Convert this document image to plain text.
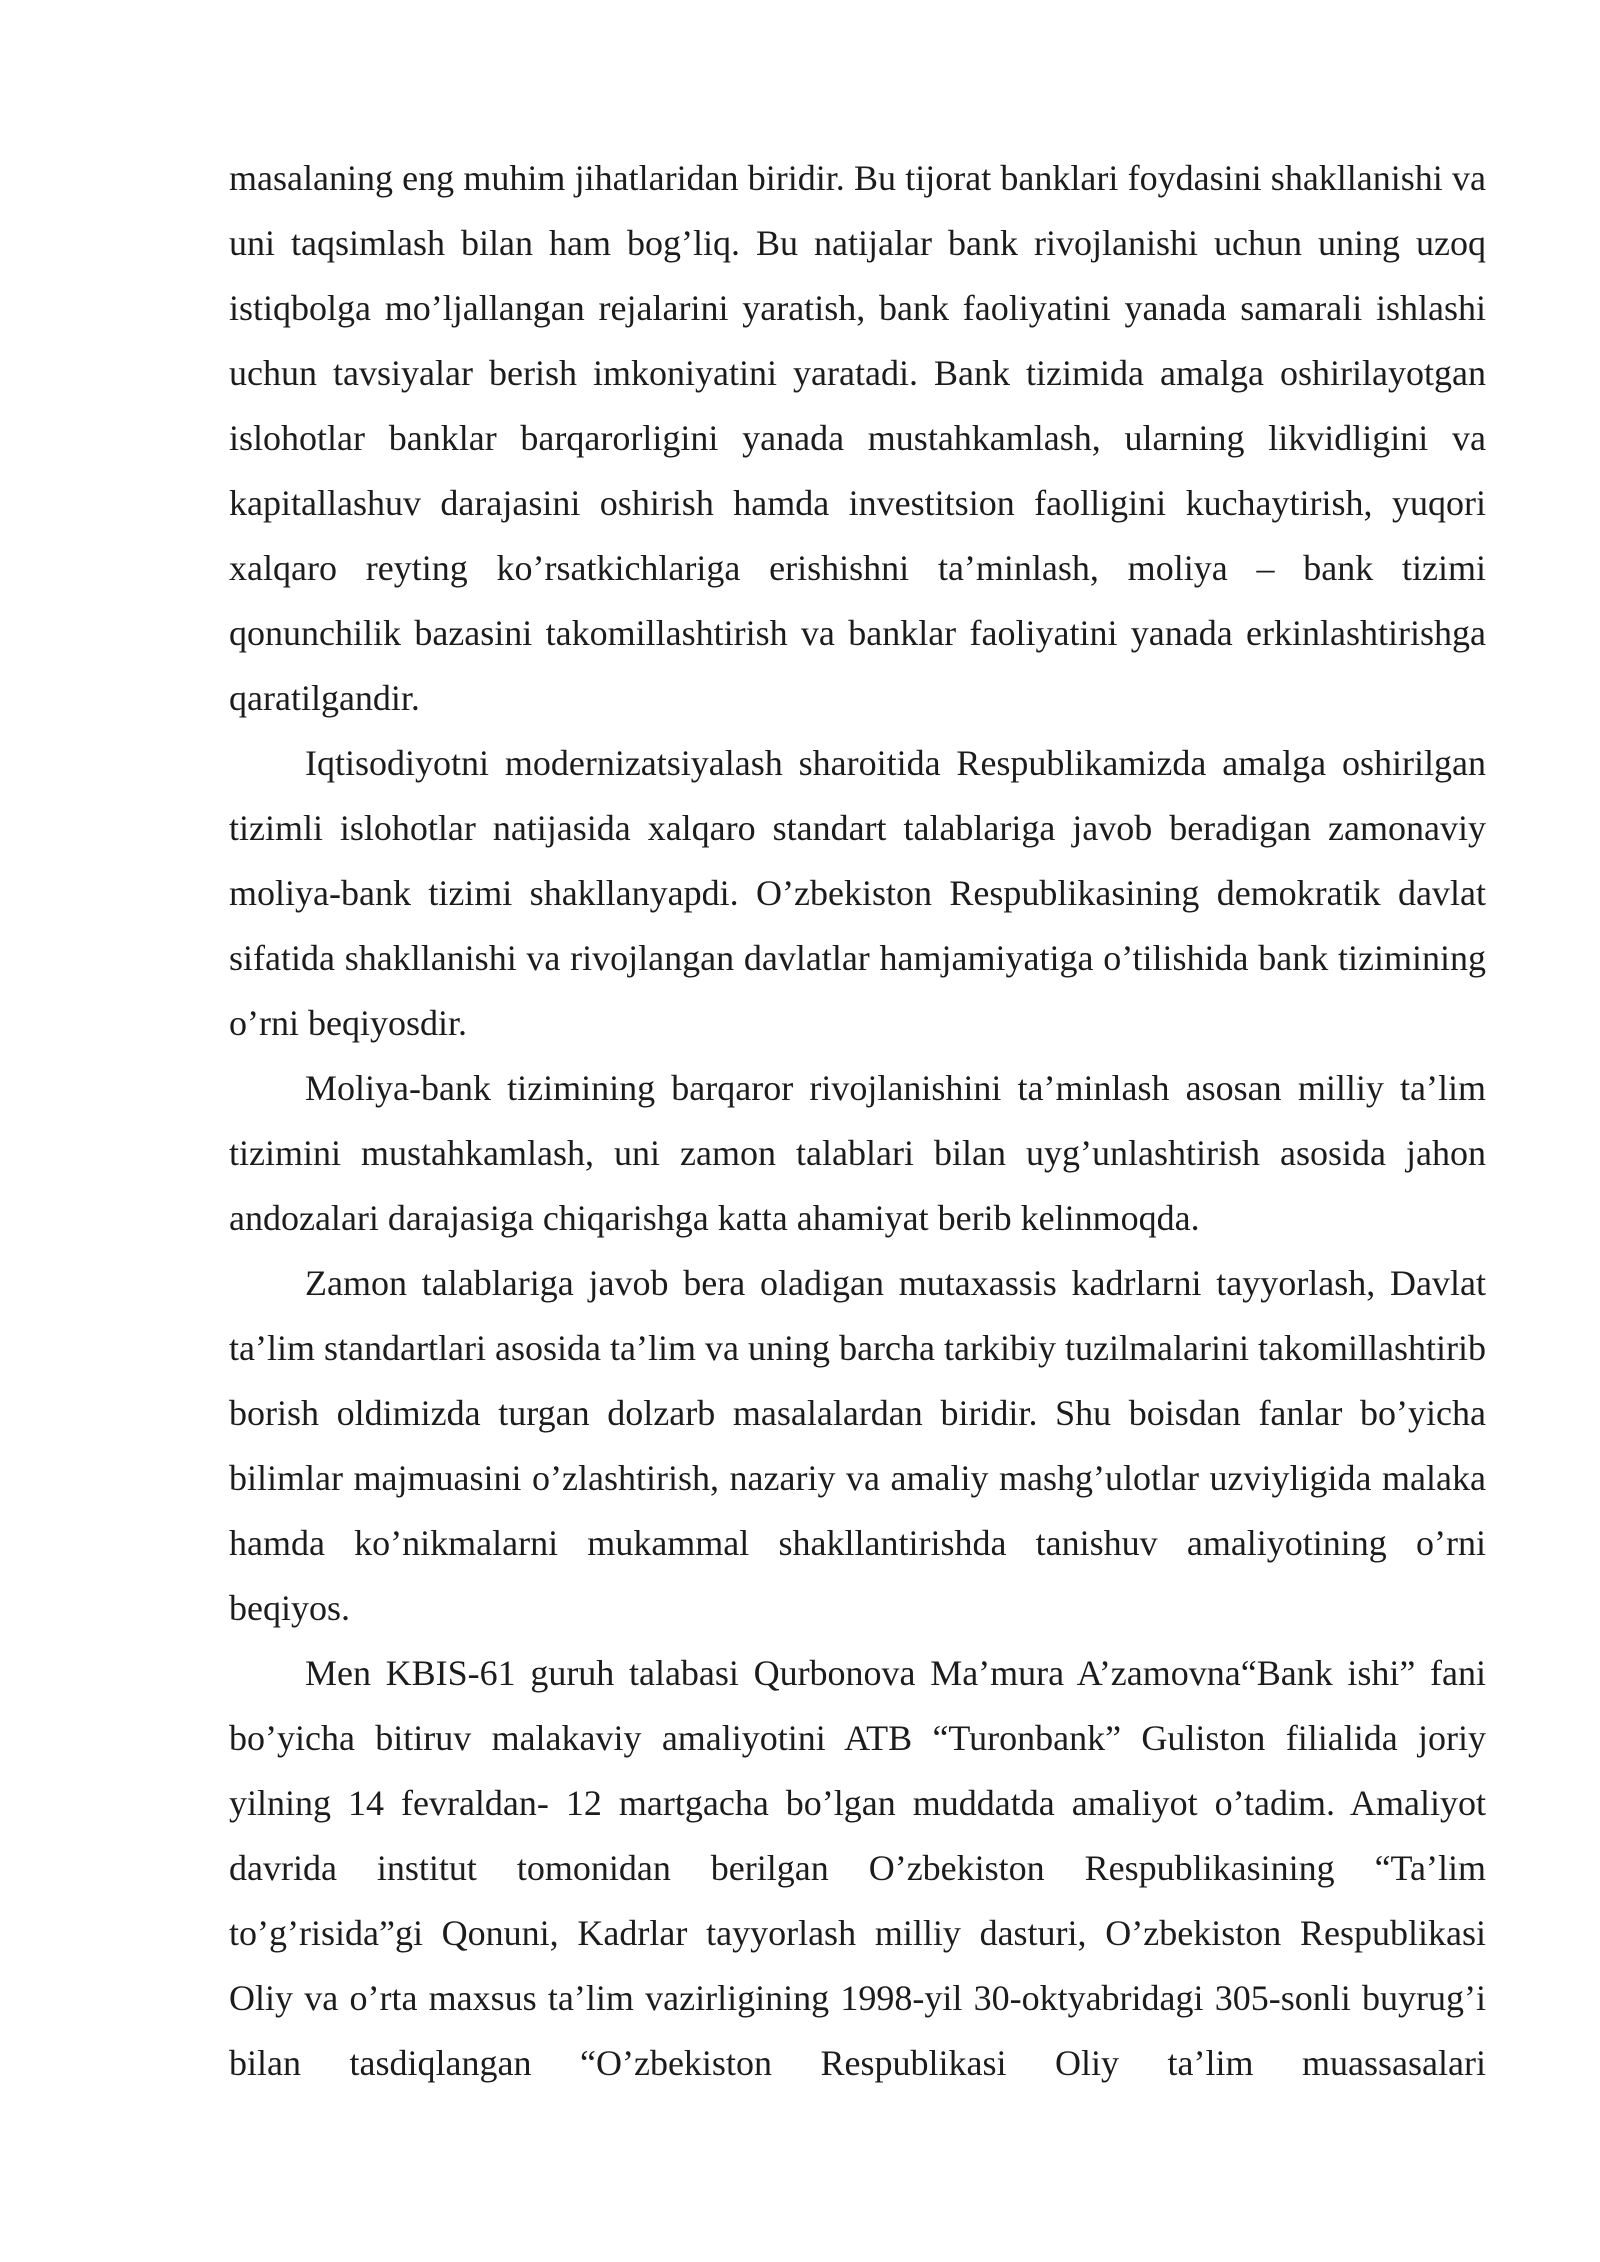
masalaning eng muhim jihatlaridan biridir. Bu tijorat banklari foydasini shakllanishi va uni taqsimlash bilan ham bog’liq. Bu natijalar bank rivojlanishi uchun uning uzoq istiqbolga mo’ljallangan rejalarini yaratish, bank faoliyatini yanada samarali ishlashi uchun tavsiyalar berish imkoniyatini yaratadi. Bank tizimida amalga oshirilayotgan islohotlar banklar barqarorligini yanada mustahkamlash, ularning likvidligini va kapitallashuv darajasini oshirish hamda investitsion faolligini kuchaytirish, yuqori xalqaro reyting ko’rsatkichlariga erishishni ta’minlash, moliya – bank tizimi qonunchilik bazasini takomillashtirish va banklar faoliyatini yanada erkinlashtirishga qaratilgandir.

Iqtisodiyotni modernizatsiyalash sharoitida Respublikamizda amalga oshirilgan tizimli islohotlar natijasida xalqaro standart talablariga javob beradigan zamonaviy moliya-bank tizimi shakllanyapdi. O’zbekiston Respublikasining demokratik davlat sifatida shakllanishi va rivojlangan davlatlar hamjamiyatiga o’tilishida bank tizimining o’rni beqiyosdir.

Moliya-bank tizimining barqaror rivojlanishini ta’minlash asosan milliy ta’lim tizimini mustahkamlash, uni zamon talablari bilan uyg’unlashtirish asosida jahon andozalari darajasiga chiqarishga katta ahamiyat berib kelinmoqda.

Zamon talablariga javob bera oladigan mutaxassis kadrlarni tayyorlash, Davlat ta’lim standartlari asosida ta’lim va uning barcha tarkibiy tuzilmalarini takomillashtirib borish oldimizda turgan dolzarb masalalardan biridir. Shu boisdan fanlar bo’yicha bilimlar majmuasini o’zlashtirish, nazariy va amaliy mashg’ulotlar uzviyligida malaka hamda ko’nikmalarni mukammal shakllantirishda tanishuv amaliyotining o’rni beqiyos.

Men KBIS-61 guruh talabasi Qurbonova Ma’mura A’zamovna“Bank ishi” fani bo’yicha bitiruv malakaviy amaliyotini ATB “Turonbank” Guliston filialida joriy yilning 14 fevraldan- 12 martgacha bo’lgan muddatda amaliyot o’tadim. Amaliyot davrida institut tomonidan berilgan O’zbekiston Respublikasining “Ta’lim to’g’risida”gi Qonuni, Kadrlar tayyorlash milliy dasturi, O’zbekiston Respublikasi Oliy va o’rta maxsus ta’lim vazirligining 1998-yil 30-oktyabridagi 305-sonli buyrug’i bilan tasdiqlangan “O’zbekiston Respublikasi Oliy ta’lim muassasalari
